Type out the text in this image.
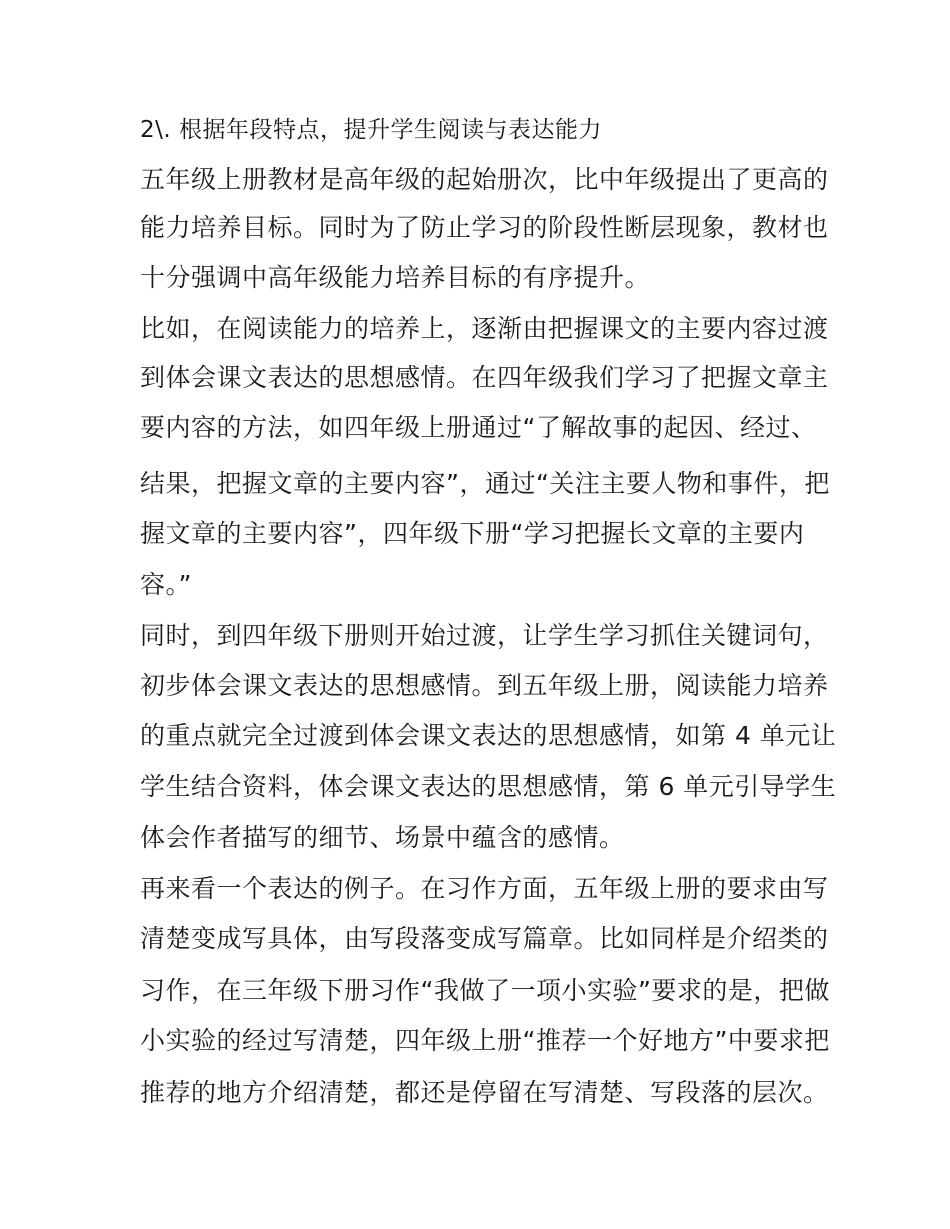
2\. 根据年段特点，提升学生阅读与表达能力

五年级上册教材是高年级的起始册次，比中年级提出了更高的

能力培养目标。同时为了防止学习的阶段性断层现象，教材也

十分强调中高年级能力培养目标的有序提升。

比如，在阅读能力的培养上，逐渐由把握课文的主要内容过渡

到体会课文表达的思想感情。在四年级我们学习了把握文章主

要内容的方法，如四年级上册通过“了解故事的起因、经过、

结果，把握文章的主要内容”，通过“关注主要人物和事件，把

握文章的主要内容”，四年级下册“学习把握长文章的主要内

容。”

同时，到四年级下册则开始过渡，让学生学习抓住关键词句，

初步体会课文表达的思想感情。到五年级上册，阅读能力培养

的重点就完全过渡到体会课文表达的思想感情，如第 4 单元让

学生结合资料，体会课文表达的思想感情，第 6 单元引导学生

体会作者描写的细节、场景中蕴含的感情。

再来看一个表达的例子。在习作方面，五年级上册的要求由写

清楚变成写具体，由写段落变成写篇章。比如同样是介绍类的

习作，在三年级下册习作“我做了一项小实验”要求的是，把做

小实验的经过写清楚，四年级上册“推荐一个好地方”中要求把

推荐的地方介绍清楚，都还是停留在写清楚、写段落的层次。
